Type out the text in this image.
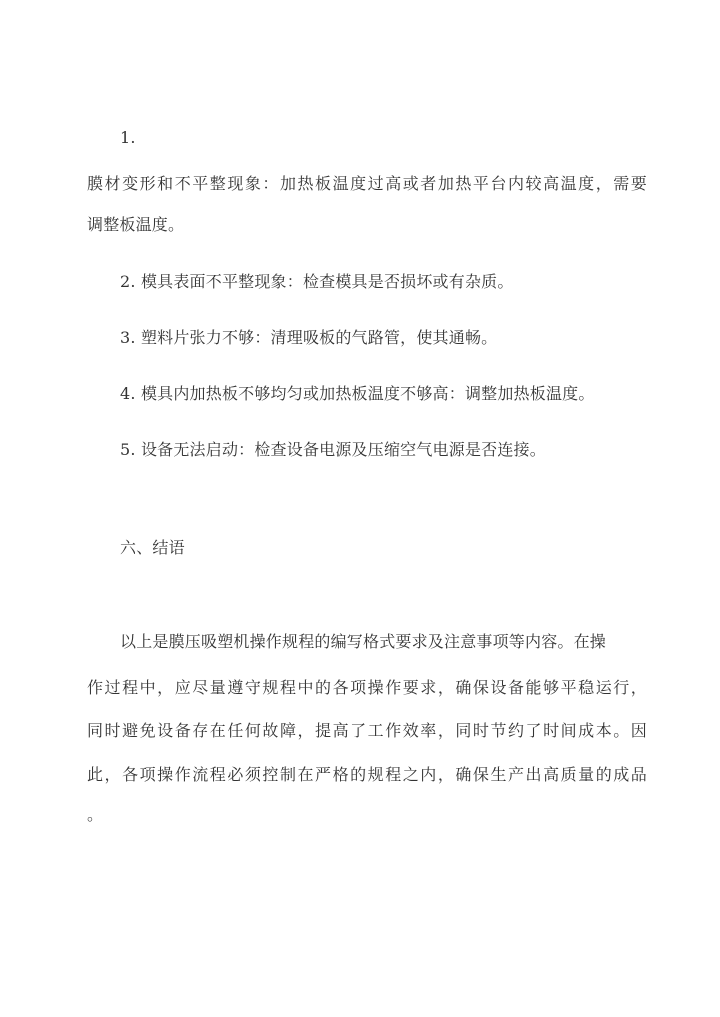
1.
膜材变形和不平整现象：加热板温度过高或者加热平台内较高温度，需要
调整板温度。
2. 模具表面不平整现象：检查模具是否损坏或有杂质。
3. 塑料片张力不够：清理吸板的气路管，使其通畅。
4. 模具内加热板不够均匀或加热板温度不够高：调整加热板温度。
5. 设备无法启动：检查设备电源及压缩空气电源是否连接。
六、结语
以上是膜压吸塑机操作规程的编写格式要求及注意事项等内容。在操
作过程中，应尽量遵守规程中的各项操作要求，确保设备能够平稳运行，
同时避免设备存在任何故障，提高了工作效率，同时节约了时间成本。因
此，各项操作流程必须控制在严格的规程之内，确保生产出高质量的成品
。
